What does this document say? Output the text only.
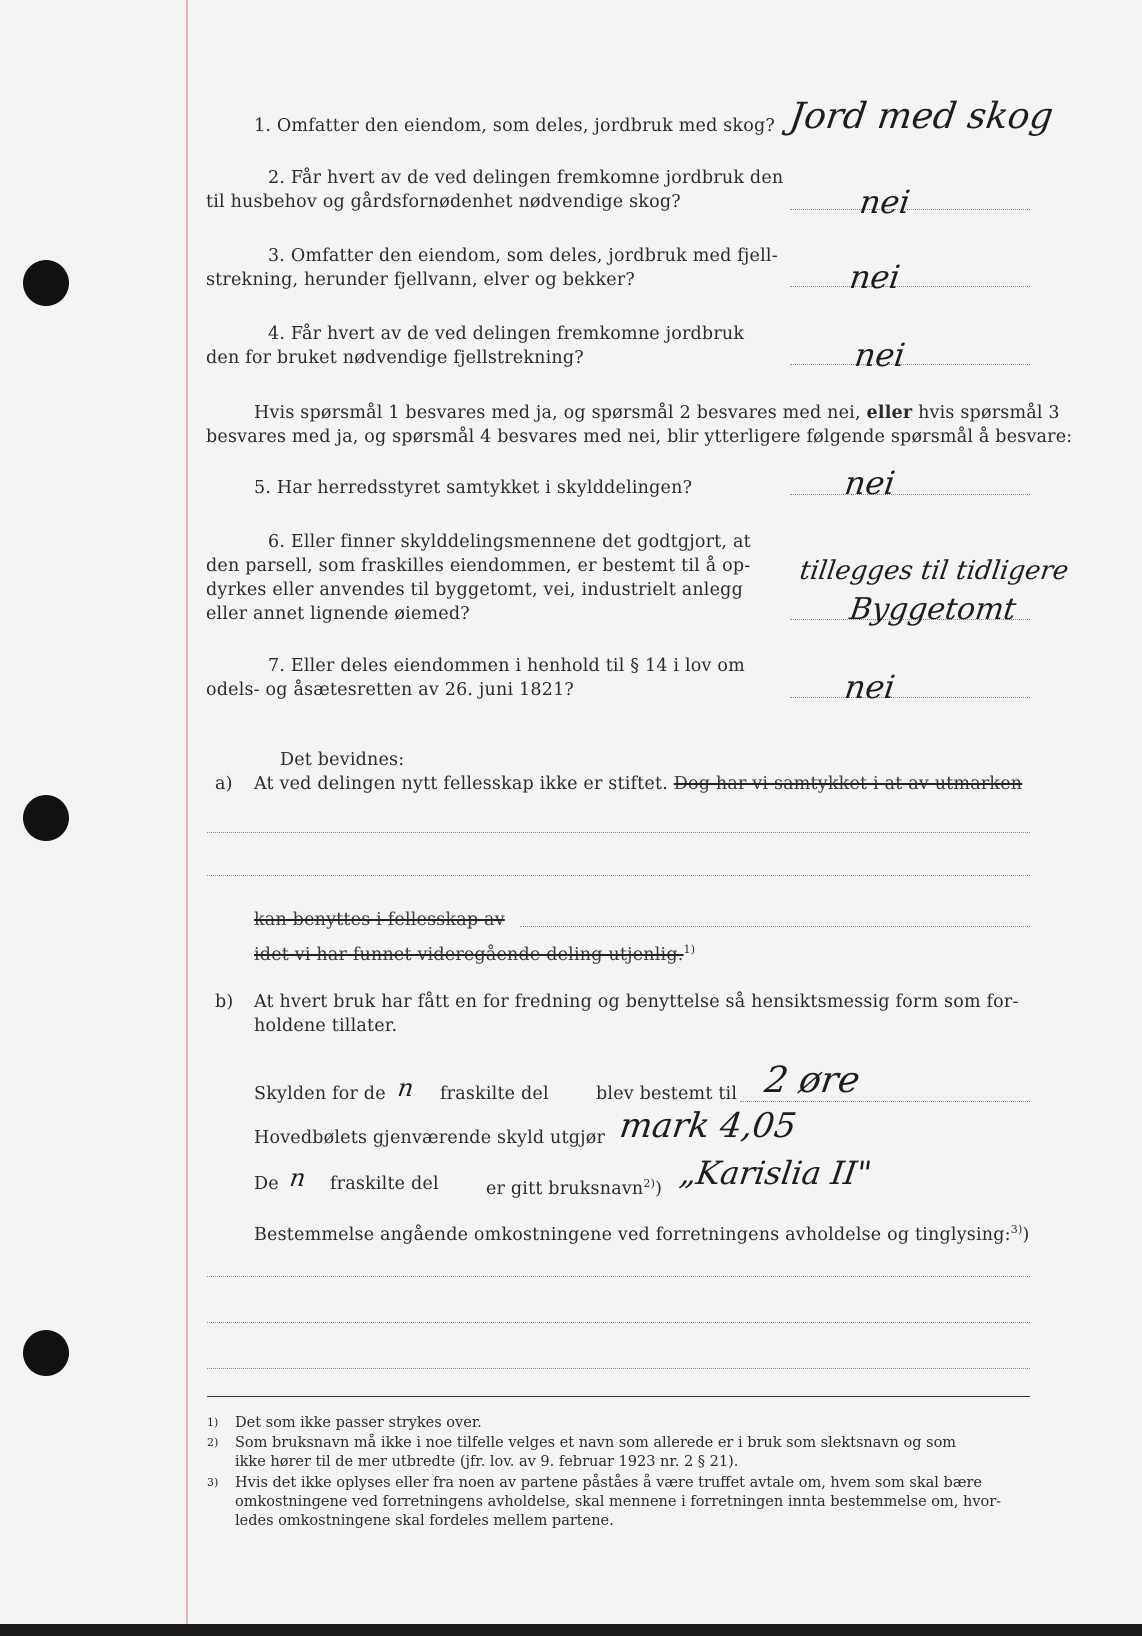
1. Omfatter den eiendom, som deles, jordbruk med skog? Jord med skog
2. Får hvert av de ved delingen fremkomne jordbruk den
til husbehov og gårdsfornødenhet nødvendige skog?	nei
3. Omfatter den eiendom, som deles, jordbruk med fjell-
strekning, herunder fjellvann, elver og bekker?	nei
4. Får hvert av de ved delingen fremkomne jordbruk
den for bruket nødvendige fjellstrekning?	nei
Hvis spørsmål 1 besvares med ja, og spørsmål 2 besvares med nei, eller hvis spørsmål 3
besvares med ja, og spørsmål 4 besvares med nei, blir ytterligere følgende spørsmål å besvare:
5. Har herredsstyret samtykket i skylddelingen?	nei
6. Eller finner skylddelingsmennene det godtgjort, at
den parsell, som fraskilles eiendommen, er bestemt til å op-
dyrkes eller anvendes til byggetomt, vei, industrielt anlegg
eller annet lignende øiemed?
tillegges til tidligere
Byggetomt
7. Eller deles eiendommen i henhold til § 14 i lov om
odels- og åsætesretten av 26. juni 1821?	nei
Det bevidnes:
a) At ved delingen nytt fellesskap ikke er stiftet. Dog har vi samtykket i at av utmarken
kan benyttes i fellesskap av
idet vi har funnet videregående deling utjenlig.$^{1)}$
b) At hvert bruk har fått en for fredning og benyttelse så hensiktsmessig form som for-
holdene tillater.
Skylden for de n fraskilte del	blev bestemt til 2 øre
Hovedbølets gjenværende skyld utgjør mark 4,05
De n fraskilte del	er gitt bruksnavn$^{2)}$) „Karislia II"
Bestemmelse angående omkostningene ved forretningens avholdelse og tinglysing:$^{3)}$)
1) Det som ikke passer strykes over.
2) Som bruksnavn må ikke i noe tilfelle velges et navn som allerede er i bruk som slektsnavn og som
ikke hører til de mer utbredte (jfr. lov. av 9. februar 1923 nr. 2 § 21).
3) Hvis det ikke oplyses eller fra noen av partene påståes å være truffet avtale om, hvem som skal bære
omkostningene ved forretningens avholdelse, skal mennene i forretningen innta bestemmelse om, hvor-
ledes omkostningene skal fordeles mellem partene.
